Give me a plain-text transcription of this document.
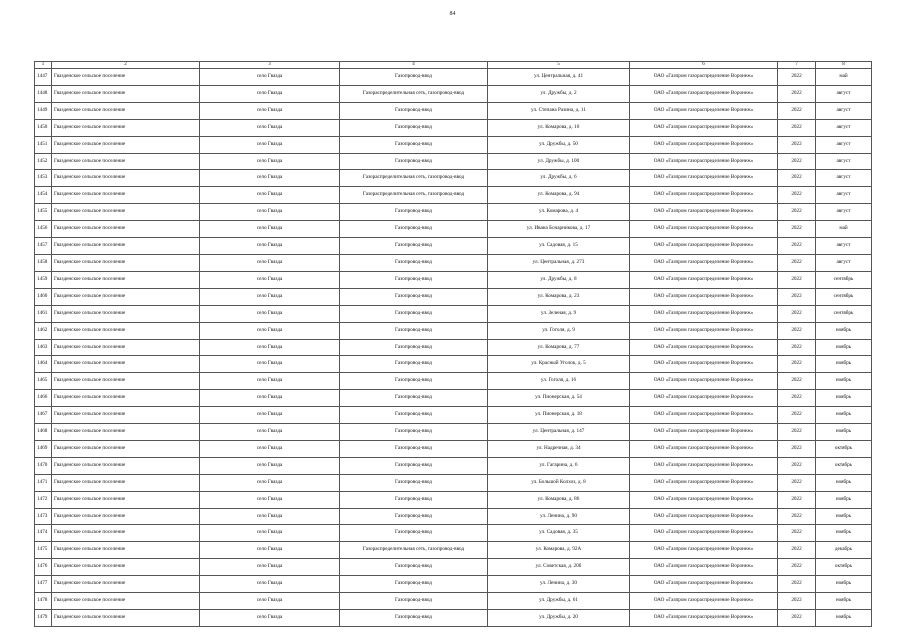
84
1	2	3	4	5	6	7	8
1447	Гвазденское сельское поселение	село Гвазда	Газопровод-ввод	ул. Центральная, д. 41	ОАО «Газпром газораспределение Воронеж»	2022	май
1448	Гвазденское сельское поселение	село Гвазда	Газораспределительная сеть, газопровод-ввод	ул. Дружбы, д. 2	ОАО «Газпром газораспределение Воронеж»	2022	август
1449	Гвазденское сельское поселение	село Гвазда	Газопровод-ввод	ул. Степана Разина, д. 11	ОАО «Газпром газораспределение Воронеж»	2022	август
1450	Гвазденское сельское поселение	село Гвазда	Газопровод-ввод	ул. Комарова, д. 10	ОАО «Газпром газораспределение Воронеж»	2022	август
1451	Гвазденское сельское поселение	село Гвазда	Газопровод-ввод	ул. Дружбы, д. 50	ОАО «Газпром газораспределение Воронеж»	2022	август
1452	Гвазденское сельское поселение	село Гвазда	Газопровод-ввод	ул. Дружбы, д. 100	ОАО «Газпром газораспределение Воронеж»	2022	август
1453	Гвазденское сельское поселение	село Гвазда	Газораспределительная сеть, газопровод-ввод	ул. Дружбы, д. 6	ОАО «Газпром газораспределение Воронеж»	2022	август
1454	Гвазденское сельское поселение	село Гвазда	Газораспределительная сеть, газопровод-ввод	ул. Комарова, д. 94	ОАО «Газпром газораспределение Воронеж»	2022	август
1455	Гвазденское сельское поселение	село Гвазда	Газопровод-ввод	ул. Комарова, д. 4	ОАО «Газпром газораспределение Воронеж»	2022	август
1456	Гвазденское сельское поселение	село Гвазда	Газопровод-ввод	ул. Ивана Бочарникова, д. 17	ОАО «Газпром газораспределение Воронеж»	2022	май
1457	Гвазденское сельское поселение	село Гвазда	Газопровод-ввод	ул. Садовая, д. 15	ОАО «Газпром газораспределение Воронеж»	2022	август
1458	Гвазденское сельское поселение	село Гвазда	Газопровод-ввод	ул. Центральная, д. 273	ОАО «Газпром газораспределение Воронеж»	2022	август
1459	Гвазденское сельское поселение	село Гвазда	Газопровод-ввод	ул. Дружбы, д. 8	ОАО «Газпром газораспределение Воронеж»	2022	сентябрь
1460	Гвазденское сельское поселение	село Гвазда	Газопровод-ввод	ул. Комарова, д. 23	ОАО «Газпром газораспределение Воронеж»	2022	сентябрь
1461	Гвазденское сельское поселение	село Гвазда	Газопровод-ввод	ул. Зеленая, д. 9	ОАО «Газпром газораспределение Воронеж»	2022	сентябрь
1462	Гвазденское сельское поселение	село Гвазда	Газопровод-ввод	ул. Гоголя, д. 9	ОАО «Газпром газораспределение Воронеж»	2022	ноябрь
1463	Гвазденское сельское поселение	село Гвазда	Газопровод-ввод	ул. Комарова, д. 77	ОАО «Газпром газораспределение Воронеж»	2022	ноябрь
1464	Гвазденское сельское поселение	село Гвазда	Газопровод-ввод	ул. Красный Уголок, д. 5	ОАО «Газпром газораспределение Воронеж»	2022	ноябрь
1465	Гвазденское сельское поселение	село Гвазда	Газопровод-ввод	ул. Гоголя, д. 16	ОАО «Газпром газораспределение Воронеж»	2022	ноябрь
1466	Гвазденское сельское поселение	село Гвазда	Газопровод-ввод	ул. Пионерская, д. 54	ОАО «Газпром газораспределение Воронеж»	2022	ноябрь
1467	Гвазденское сельское поселение	село Гвазда	Газопровод-ввод	ул. Пионерская, д. 18	ОАО «Газпром газораспределение Воронеж»	2022	ноябрь
1468	Гвазденское сельское поселение	село Гвазда	Газопровод-ввод	ул. Центральная, д. 147	ОАО «Газпром газораспределение Воронеж»	2022	ноябрь
1469	Гвазденское сельское поселение	село Гвазда	Газопровод-ввод	ул. Надречная, д. 34	ОАО «Газпром газораспределение Воронеж»	2022	октябрь
1470	Гвазденское сельское поселение	село Гвазда	Газопровод-ввод	ул. Гагарина, д. 6	ОАО «Газпром газораспределение Воронеж»	2022	октябрь
1471	Гвазденское сельское поселение	село Гвазда	Газопровод-ввод	ул. Большой Колхоз, д. 8	ОАО «Газпром газораспределение Воронеж»	2022	ноябрь
1472	Гвазденское сельское поселение	село Гвазда	Газопровод-ввод	ул. Комарова, д. 86	ОАО «Газпром газораспределение Воронеж»	2022	ноябрь
1473	Гвазденское сельское поселение	село Гвазда	Газопровод-ввод	ул. Ленина, д. 90	ОАО «Газпром газораспределение Воронеж»	2022	ноябрь
1474	Гвазденское сельское поселение	село Гвазда	Газопровод-ввод	ул. Садовая, д. 35	ОАО «Газпром газораспределение Воронеж»	2022	ноябрь
1475	Гвазденское сельское поселение	село Гвазда	Газораспределительная сеть, газопровод-ввод	ул. Комарова, д. 92А	ОАО «Газпром газораспределение Воронеж»	2022	декабрь
1476	Гвазденское сельское поселение	село Гвазда	Газопровод-ввод	ул. Советская, д. 20б	ОАО «Газпром газораспределение Воронеж»	2022	октябрь
1477	Гвазденское сельское поселение	село Гвазда	Газопровод-ввод	ул. Ленина, д. 30	ОАО «Газпром газораспределение Воронеж»	2022	ноябрь
1478	Гвазденское сельское поселение	село Гвазда	Газопровод-ввод	ул. Дружбы, д. 61	ОАО «Газпром газораспределение Воронеж»	2022	ноябрь
1479	Гвазденское сельское поселение	село Гвазда	Газопровод-ввод	ул. Дружбы, д. 20	ОАО «Газпром газораспределение Воронеж»	2022	ноябрь
